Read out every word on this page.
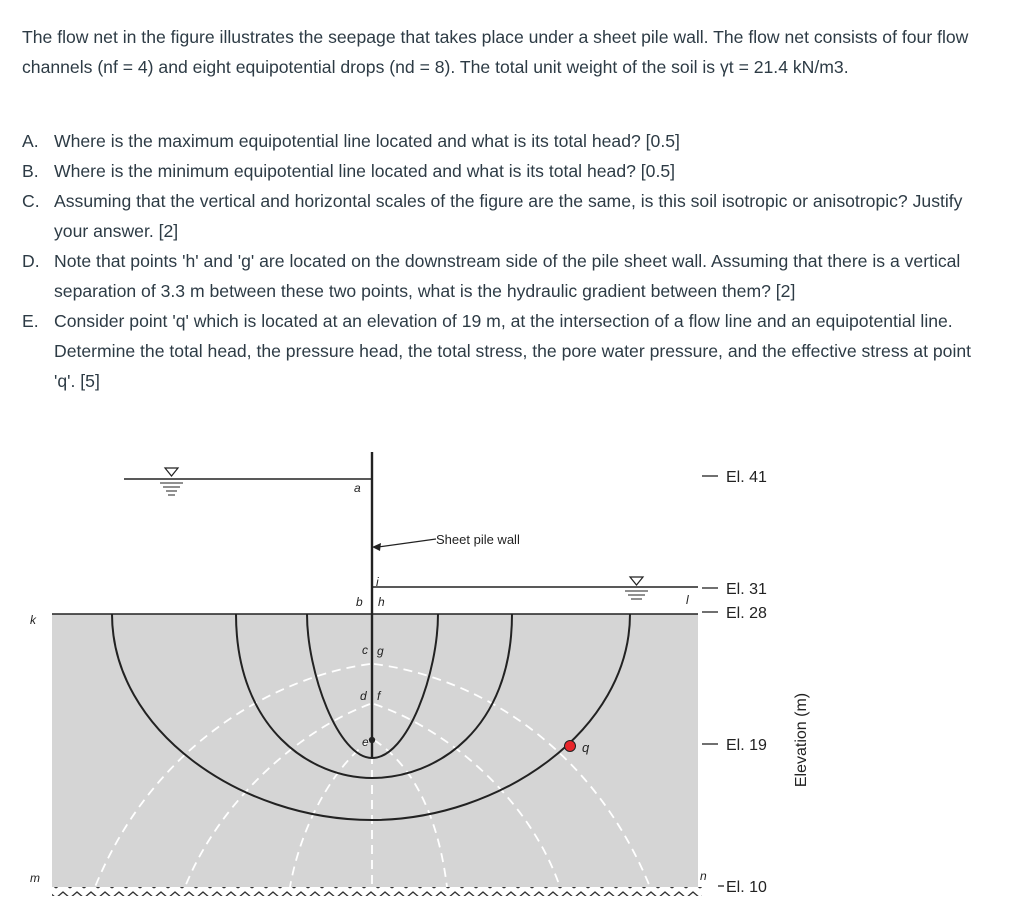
The flow net in the figure illustrates the seepage that takes place under a sheet pile wall. The flow net consists of four flow channels (nf = 4) and eight equipotential drops (nd = 8). The total unit weight of the soil is γt = 21.4 kN/m3.

A. Where is the maximum equipotential line located and what is its total head? [0.5]
B. Where is the minimum equipotential line located and what is its total head? [0.5]
C. Assuming that the vertical and horizontal scales of the figure are the same, is this soil isotropic or anisotropic? Justify your answer. [2]
D. Note that points 'h' and 'g' are located on the downstream side of the pile sheet wall. Assuming that there is a vertical separation of 3.3 m between these two points, what is the hydraulic gradient between them? [2]
E. Consider point 'q' which is located at an elevation of 19 m, at the intersection of a flow line and an equipotential line. Determine the total head, the pressure head, the total stress, the pore water pressure, and the effective stress at point 'q'. [5]
Sheet pile wall
a
b
c
d
e
f
g
h
i
k
l
m	n
q
El. 41
El. 31
El. 28
El. 19
El. 10
Elevation (m)
